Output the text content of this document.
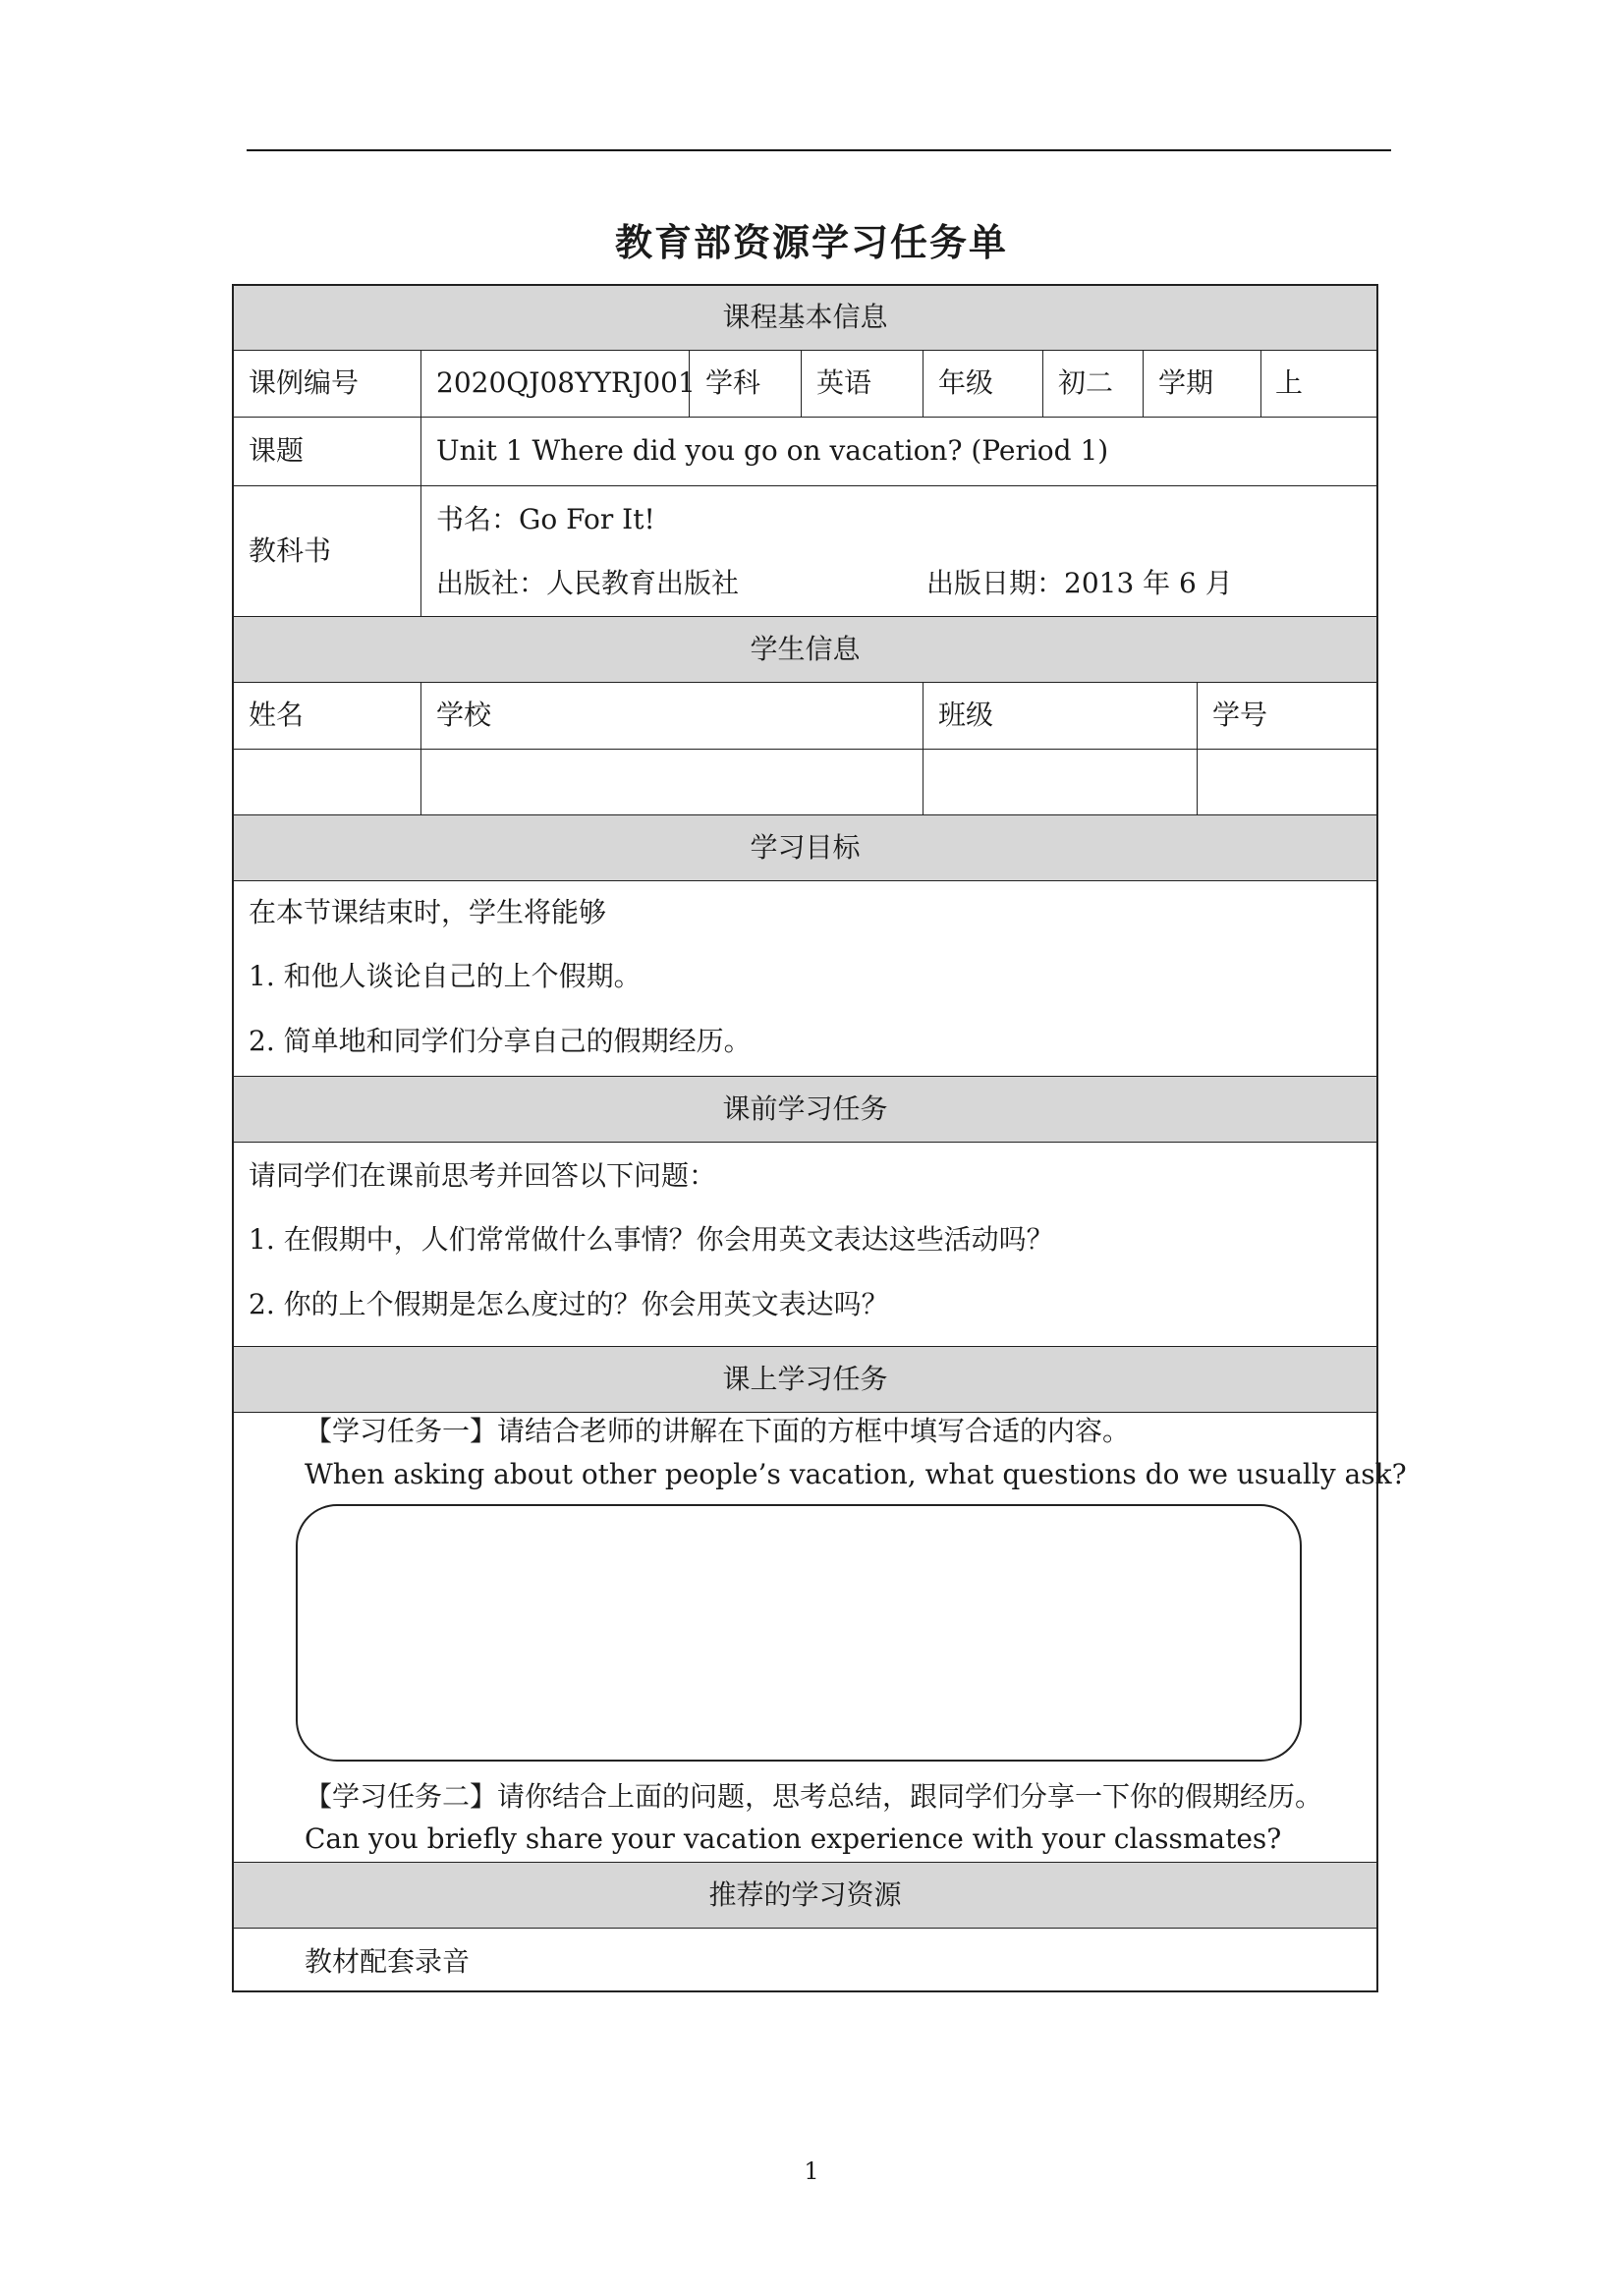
教育部资源学习任务单
课程基本信息
课例编号	2020QJ08YYRJ001 学科 英语 年级 初二 学期 上
课题	Unit 1 Where did you go on vacation? (Period 1)
教科书
书名：Go For It!
出版社：人民教育出版社	出版日期：2013 年 6 月
学生信息
姓名	学校	班级	学号
学习目标
在本节课结束时，学生将能够
1. 和他人谈论自己的上个假期。
2. 简单地和同学们分享自己的假期经历。
课前学习任务
请同学们在课前思考并回答以下问题：
1. 在假期中，人们常常做什么事情？你会用英文表达这些活动吗？
2. 你的上个假期是怎么度过的？你会用英文表达吗？
课上学习任务
【学习任务一】请结合老师的讲解在下面的方框中填写合适的内容。
When asking about other people’s vacation, what questions do we usually ask?
【学习任务二】请你结合上面的问题，思考总结，跟同学们分享一下你的假期经历。
Can you briefly share your vacation experience with your classmates?
推荐的学习资源
教材配套录音
1
